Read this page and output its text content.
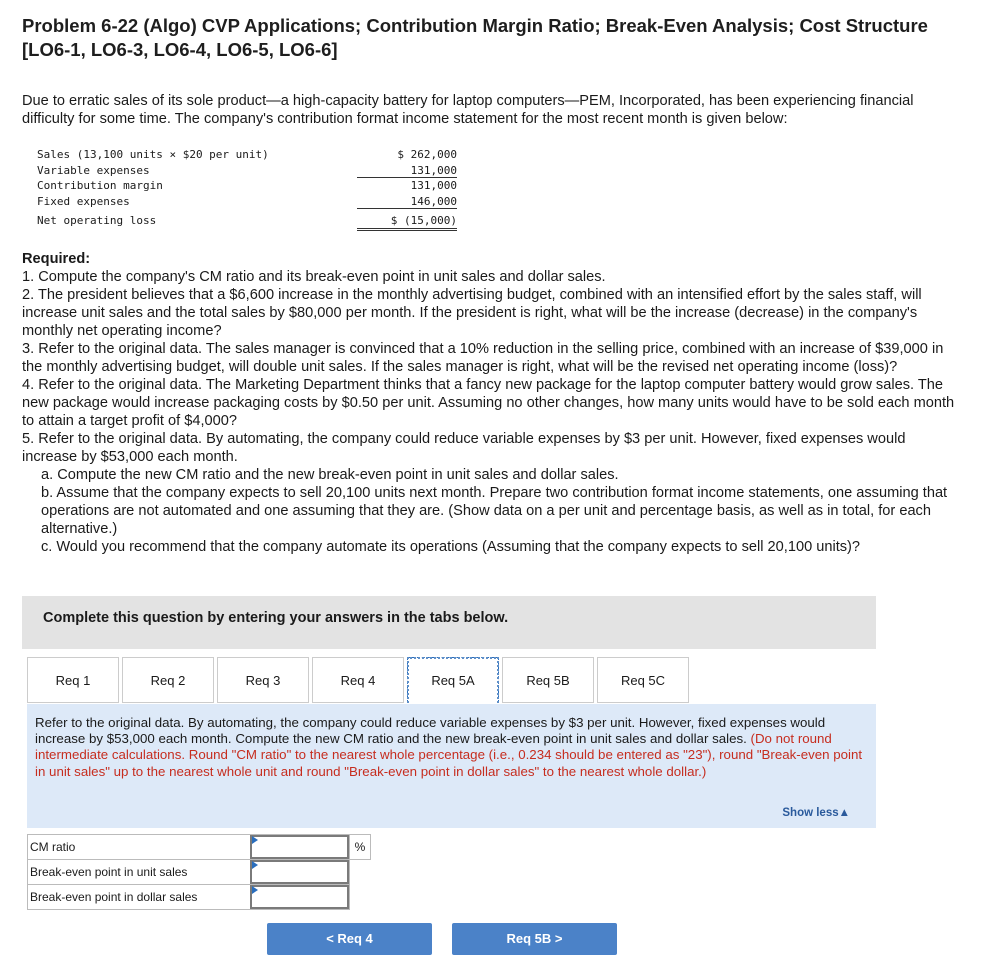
Problem 6-22 (Algo) CVP Applications; Contribution Margin Ratio; Break-Even Analysis; Cost Structure [LO6-1, LO6-3, LO6-4, LO6-5, LO6-6]
Due to erratic sales of its sole product—a high-capacity battery for laptop computers—PEM, Incorporated, has been experiencing financial difficulty for some time. The company's contribution format income statement for the most recent month is given below:
Sales (13,100 units × $20 per unit)	$ 262,000
Variable expenses	131,000
Contribution margin	131,000
Fixed expenses	146,000
Net operating loss	$ (15,000)

Required:

1. Compute the company's CM ratio and its break-even point in unit sales and dollar sales.

2. The president believes that a $6,600 increase in the monthly advertising budget, combined with an intensified effort by the sales staff, will increase unit sales and the total sales by $80,000 per month. If the president is right, what will be the increase (decrease) in the company's monthly net operating income?

3. Refer to the original data. The sales manager is convinced that a 10% reduction in the selling price, combined with an increase of $39,000 in the monthly advertising budget, will double unit sales. If the sales manager is right, what will be the revised net operating income (loss)?

4. Refer to the original data. The Marketing Department thinks that a fancy new package for the laptop computer battery would grow sales. The new package would increase packaging costs by $0.50 per unit. Assuming no other changes, how many units would have to be sold each month to attain a target profit of $4,000?

5. Refer to the original data. By automating, the company could reduce variable expenses by $3 per unit. However, fixed expenses would increase by $53,000 each month.

a. Compute the new CM ratio and the new break-even point in unit sales and dollar sales.

b. Assume that the company expects to sell 20,100 units next month. Prepare two contribution format income statements, one assuming that operations are not automated and one assuming that they are. (Show data on a per unit and percentage basis, as well as in total, for each alternative.)

c. Would you recommend that the company automate its operations (Assuming that the company expects to sell 20,100 units)?

Complete this question by entering your answers in the tabs below.
Req 1	Req 2	Req 3	Req 4	Req 5A	Req 5B	Req 5C
Refer to the original data. By automating, the company could reduce variable expenses by $3 per unit. However, fixed expenses would increase by $53,000 each month. Compute the new CM ratio and the new break-even point in unit sales and dollar sales. (Do not round intermediate calculations. Round "CM ratio" to the nearest whole percentage (i.e., 0.234 should be entered as "23"), round "Break-even point in unit sales" up to the nearest whole unit and round "Break-even point in dollar sales" to the nearest whole dollar.)
Show less▲
CM ratio		%
Break-even point in unit sales		
Break-even point in dollar sales		
< Req 4	Req 5B >
